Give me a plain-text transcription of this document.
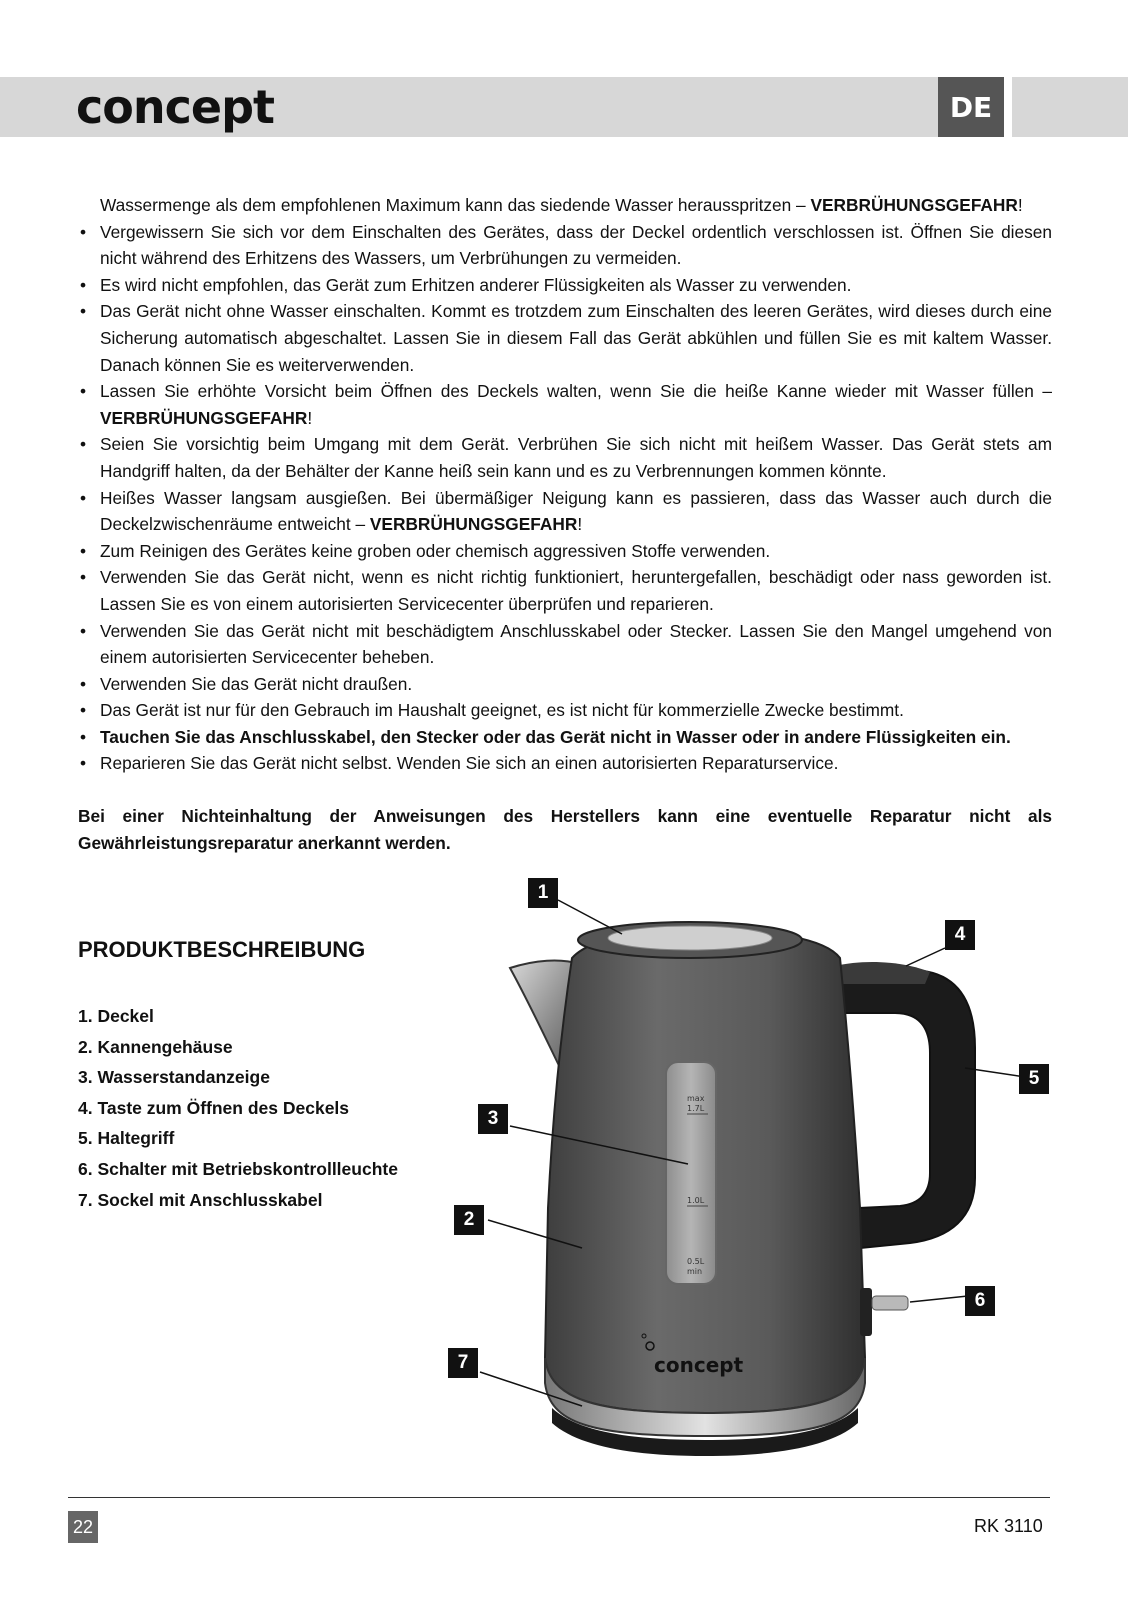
concept	DE

Wassermenge als dem empfohlenen Maximum kann das siedende Wasser herausspritzen – VERBRÜHUNGSGEFAHR!

• Vergewissern Sie sich vor dem Einschalten des Gerätes, dass der Deckel ordentlich verschlossen ist. Öffnen Sie diesen nicht während des Erhitzens des Wassers, um Verbrühungen zu vermeiden.
• Es wird nicht empfohlen, das Gerät zum Erhitzen anderer Flüssigkeiten als Wasser zu verwenden.
• Das Gerät nicht ohne Wasser einschalten. Kommt es trotzdem zum Einschalten des leeren Gerätes, wird dieses durch eine Sicherung automatisch abgeschaltet. Lassen Sie in diesem Fall das Gerät abkühlen und füllen Sie es mit kaltem Wasser. Danach können Sie es weiterverwenden.
• Lassen Sie erhöhte Vorsicht beim Öffnen des Deckels walten, wenn Sie die heiße Kanne wieder mit Wasser füllen – VERBRÜHUNGSGEFAHR!
• Seien Sie vorsichtig beim Umgang mit dem Gerät. Verbrühen Sie sich nicht mit heißem Wasser. Das Gerät stets am Handgriff halten, da der Behälter der Kanne heiß sein kann und es zu Verbrennungen kommen könnte.
• Heißes Wasser langsam ausgießen. Bei übermäßiger Neigung kann es passieren, dass das Wasser auch durch die Deckelzwischenräume entweicht – VERBRÜHUNGSGEFAHR!
• Zum Reinigen des Gerätes keine groben oder chemisch aggressiven Stoffe verwenden.
• Verwenden Sie das Gerät nicht, wenn es nicht richtig funktioniert, heruntergefallen, beschädigt oder nass geworden ist. Lassen Sie es von einem autorisierten Servicecenter überprüfen und reparieren.
• Verwenden Sie das Gerät nicht mit beschädigtem Anschlusskabel oder Stecker. Lassen Sie den Mangel umgehend von einem autorisierten Servicecenter beheben.
• Verwenden Sie das Gerät nicht draußen.
• Das Gerät ist nur für den Gebrauch im Haushalt geeignet, es ist nicht für kommerzielle Zwecke bestimmt.
• Tauchen Sie das Anschlusskabel, den Stecker oder das Gerät nicht in Wasser oder in andere Flüssigkeiten ein.
• Reparieren Sie das Gerät nicht selbst. Wenden Sie sich an einen autorisierten Reparaturservice.

Bei einer Nichteinhaltung der Anweisungen des Herstellers kann eine eventuelle Reparatur nicht als Gewährleistungsreparatur anerkannt werden.

PRODUKTBESCHREIBUNG
1. Deckel
2. Kannengehäuse
3. Wasserstandanzeige
4. Taste zum Öffnen des Deckels
5. Haltegriff
6. Schalter mit Betriebskontrollleuchte
7. Sockel mit Anschlusskabel
max
1.7L
1.0L
0.5L
min
concept
1
4
5
3
2
6
7
22	RK 3110
